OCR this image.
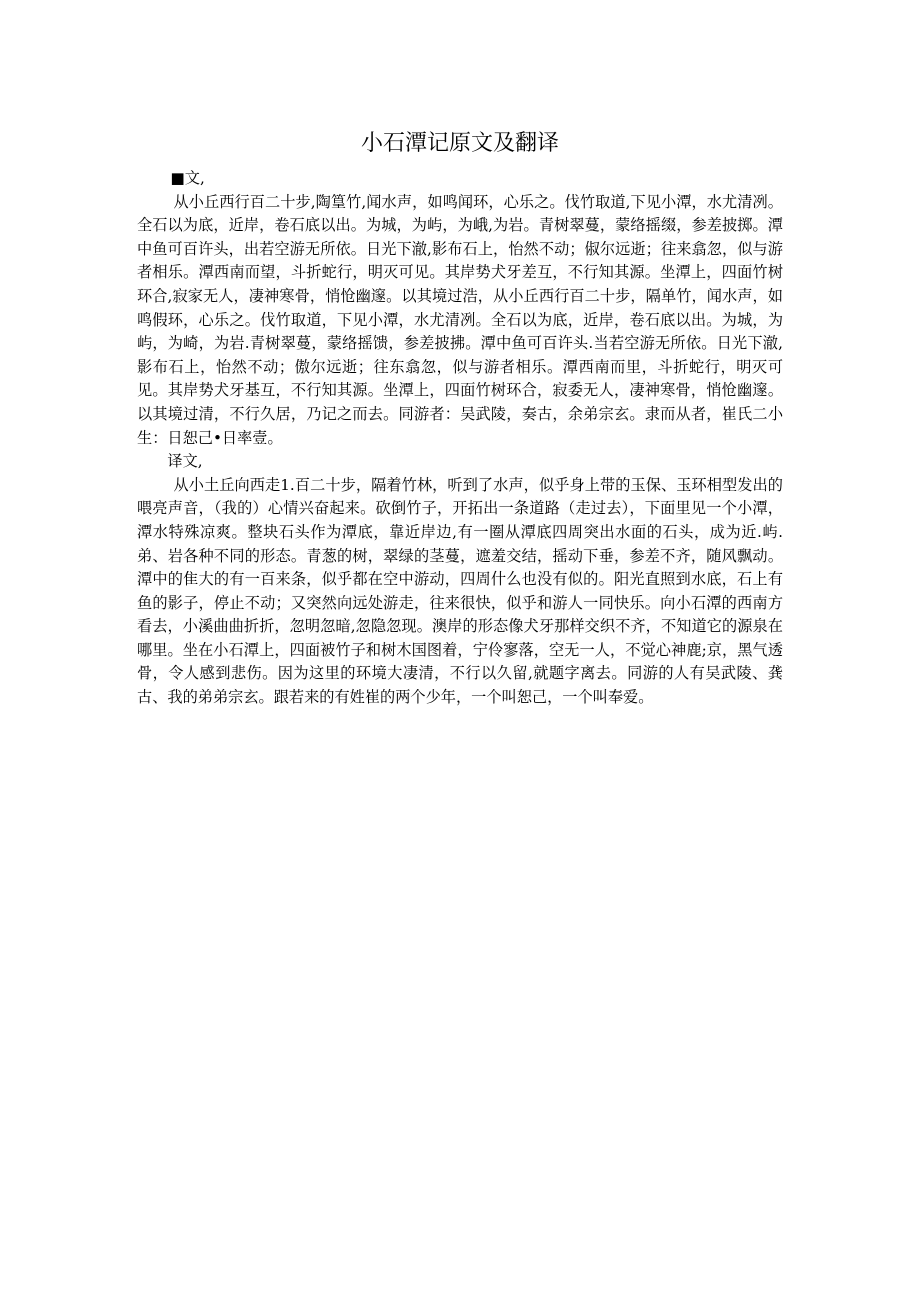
小石潭记原文及翻译

■文,

从小丘西行百二十步,陶篁竹,闻水声，如鸣闻环，心乐之。伐竹取道,下见小潭，水尤清冽。全石以为底，近岸，卷石底以出。为城，为屿，为峨,为岩。青树翠蔓，蒙络摇缀，参差披掷。潭中鱼可百许头，出若空游无所依。日光下澈,影布石上，怡然不动；俶尔远逝；往来翕忽，似与游者相乐。潭西南而望，斗折蛇行，明灭可见。其岸势犬牙差互，不行知其源。坐潭上，四面竹树环合,寂家无人，凄神寒骨，悄怆幽邃。以其境过浩，从小丘西行百二十步，隔单竹，闻水声，如鸣假环，心乐之。伐竹取道，下见小潭，水尤清冽。全石以为底，近岸，卷石底以出。为城，为屿，为崎，为岩.青树翠蔓，蒙络摇馈，参差披拂。潭中鱼可百许头.当若空游无所依。日光下澈,影布石上，怡然不动；傲尔远逝；往东翕忽，似与游者相乐。潭西南而里，斗折蛇行，明灭可见。其岸势犬牙基互，不行知其源。坐潭上，四面竹树环合，寂委无人，凄神寒骨，悄怆幽邃。以其境过清，不行久居，乃记之而去。同游者：吴武陵，奏古，余弟宗玄。隶而从者，崔氏二小生：日恕己•日率壹。

译文,

从小土丘向西走1.百二十步，隔着竹林，听到了水声，似乎身上带的玉保、玉环相型发出的喂亮声音，（我的）心情兴奋起来。砍倒竹子，开拓出一条道路（走过去），下面里见一个小潭，潭水特殊凉爽。整块石头作为潭底，靠近岸边,有一圈从潭底四周突出水面的石头，成为近.屿.弟、岩各种不同的形态。青葱的树，翠绿的茎蔓，遮羞交结，摇动下垂，参差不齐，随风飘动。潭中的隹大的有一百来条，似乎都在空中游动，四周什么也没有似的。阳光直照到水底，石上有鱼的影子，停止不动；又突然向远处游走，往来很快，似乎和游人一同快乐。向小石潭的西南方看去，小溪曲曲折折，忽明忽暗,忽隐忽现。澳岸的形态像犬牙那样交织不齐，不知道它的源泉在哪里。坐在小石潭上，四面被竹子和树木国图着，宁伶寥落，空无一人，不觉心神鹿;京，黑气透骨，令人感到悲伤。因为这里的环境大凄清，不行以久留,就题字离去。同游的人有吴武陵、龚古、我的弟弟宗玄。跟若来的有姓崔的两个少年，一个叫恕己，一个叫奉爱。
